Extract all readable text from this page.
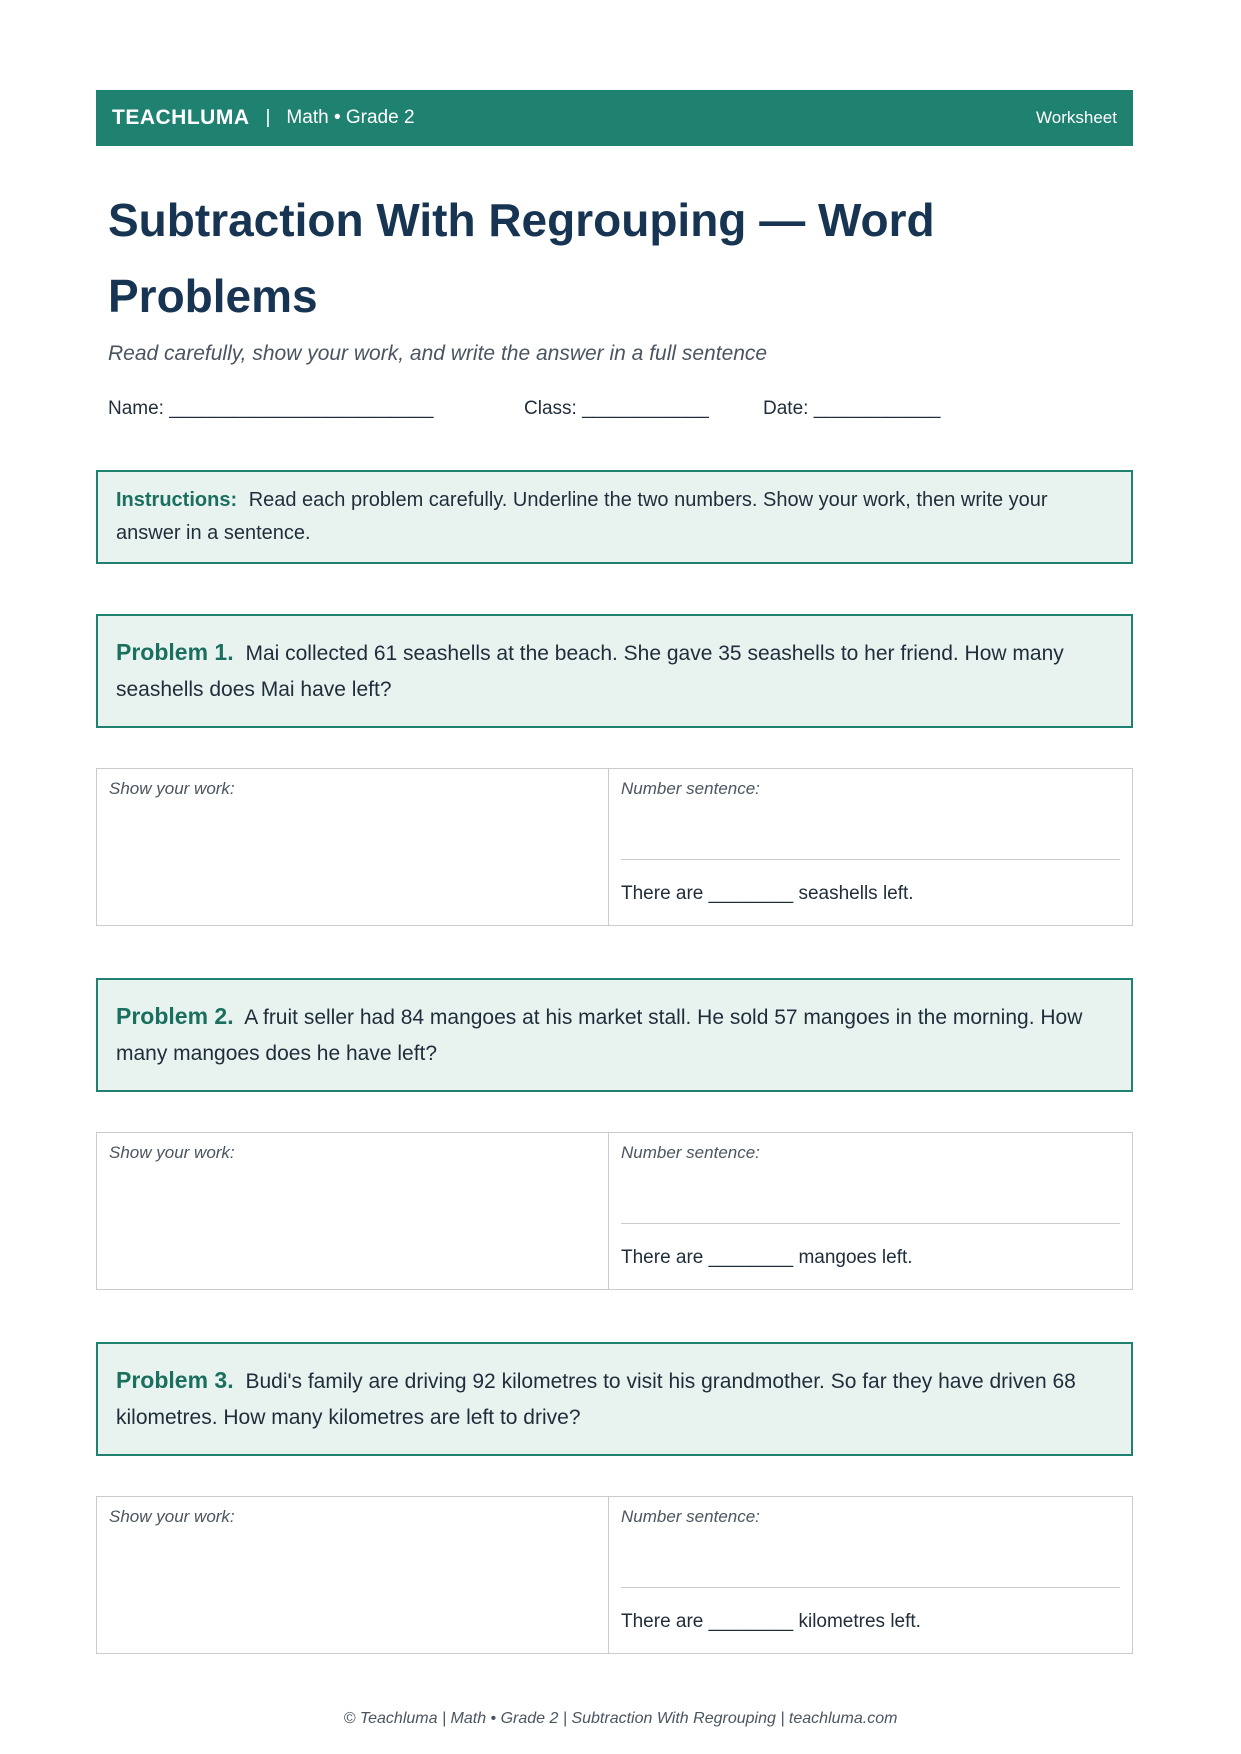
TEACHLUMA | Math • Grade 2	Worksheet
Subtraction With Regrouping — Word Problems
Read carefully, show your work, and write the answer in a full sentence
Name: _________________________	Class: ____________	Date: ____________
Instructions: Read each problem carefully. Underline the two numbers. Show your work, then write your answer in a sentence.
Problem 1. Mai collected 61 seashells at the beach. She gave 35 seashells to her friend. How many seashells does Mai have left?
Show your work:	Number sentence:
There are ________ seashells left.
Problem 2. A fruit seller had 84 mangoes at his market stall. He sold 57 mangoes in the morning. How many mangoes does he have left?
Show your work:	Number sentence:
There are ________ mangoes left.
Problem 3. Budi's family are driving 92 kilometres to visit his grandmother. So far they have driven 68 kilometres. How many kilometres are left to drive?
Show your work:	Number sentence:
There are ________ kilometres left.
© Teachluma | Math • Grade 2 | Subtraction With Regrouping | teachluma.com
